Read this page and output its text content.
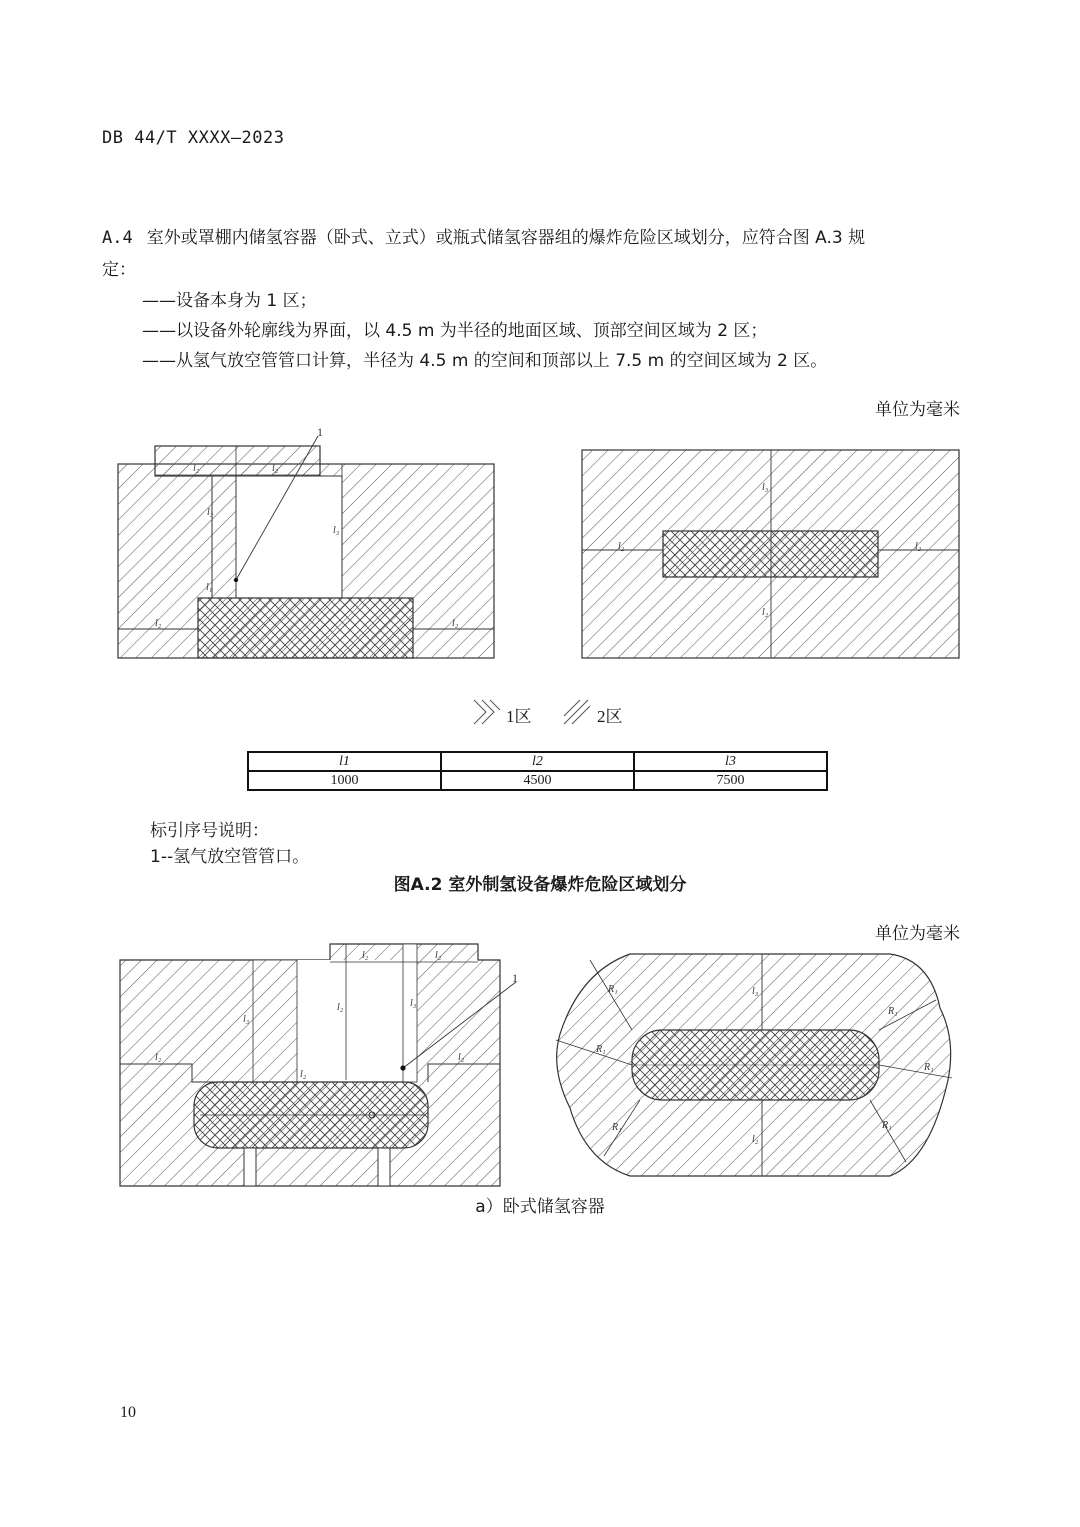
DB 44/T XXXX—2023
A.4 室外或罩棚内储氢容器（卧式、立式）或瓶式储氢容器组的爆炸危险区域划分，应符合图 A.3 规
定：
——设备本身为 1 区；
——以设备外轮廓线为界面，以 4.5 m 为半径的地面区域、顶部空间区域为 2 区；
——从氢气放空管管口计算，半径为 4.5 m 的空间和顶部以上 7.5 m 的空间区域为 2 区。
单位为毫米
l₂	l₂
l₃
l₃
l₁
l₂	l₂
1
l₂	l₂
l₃
l₂
1区	2区
l1	l2	l3
1000	4500	7500
标引序号说明：
1--氢气放空管管口。
图A.2 室外制氢设备爆炸危险区域划分
单位为毫米
l₂	l₂
l₃
l₂	l₃
l₂	l₂
l₂
1
R₁
R₁
R₁
R₁
R₁	R₁
l₃
l₂
a）卧式储氢容器
10
